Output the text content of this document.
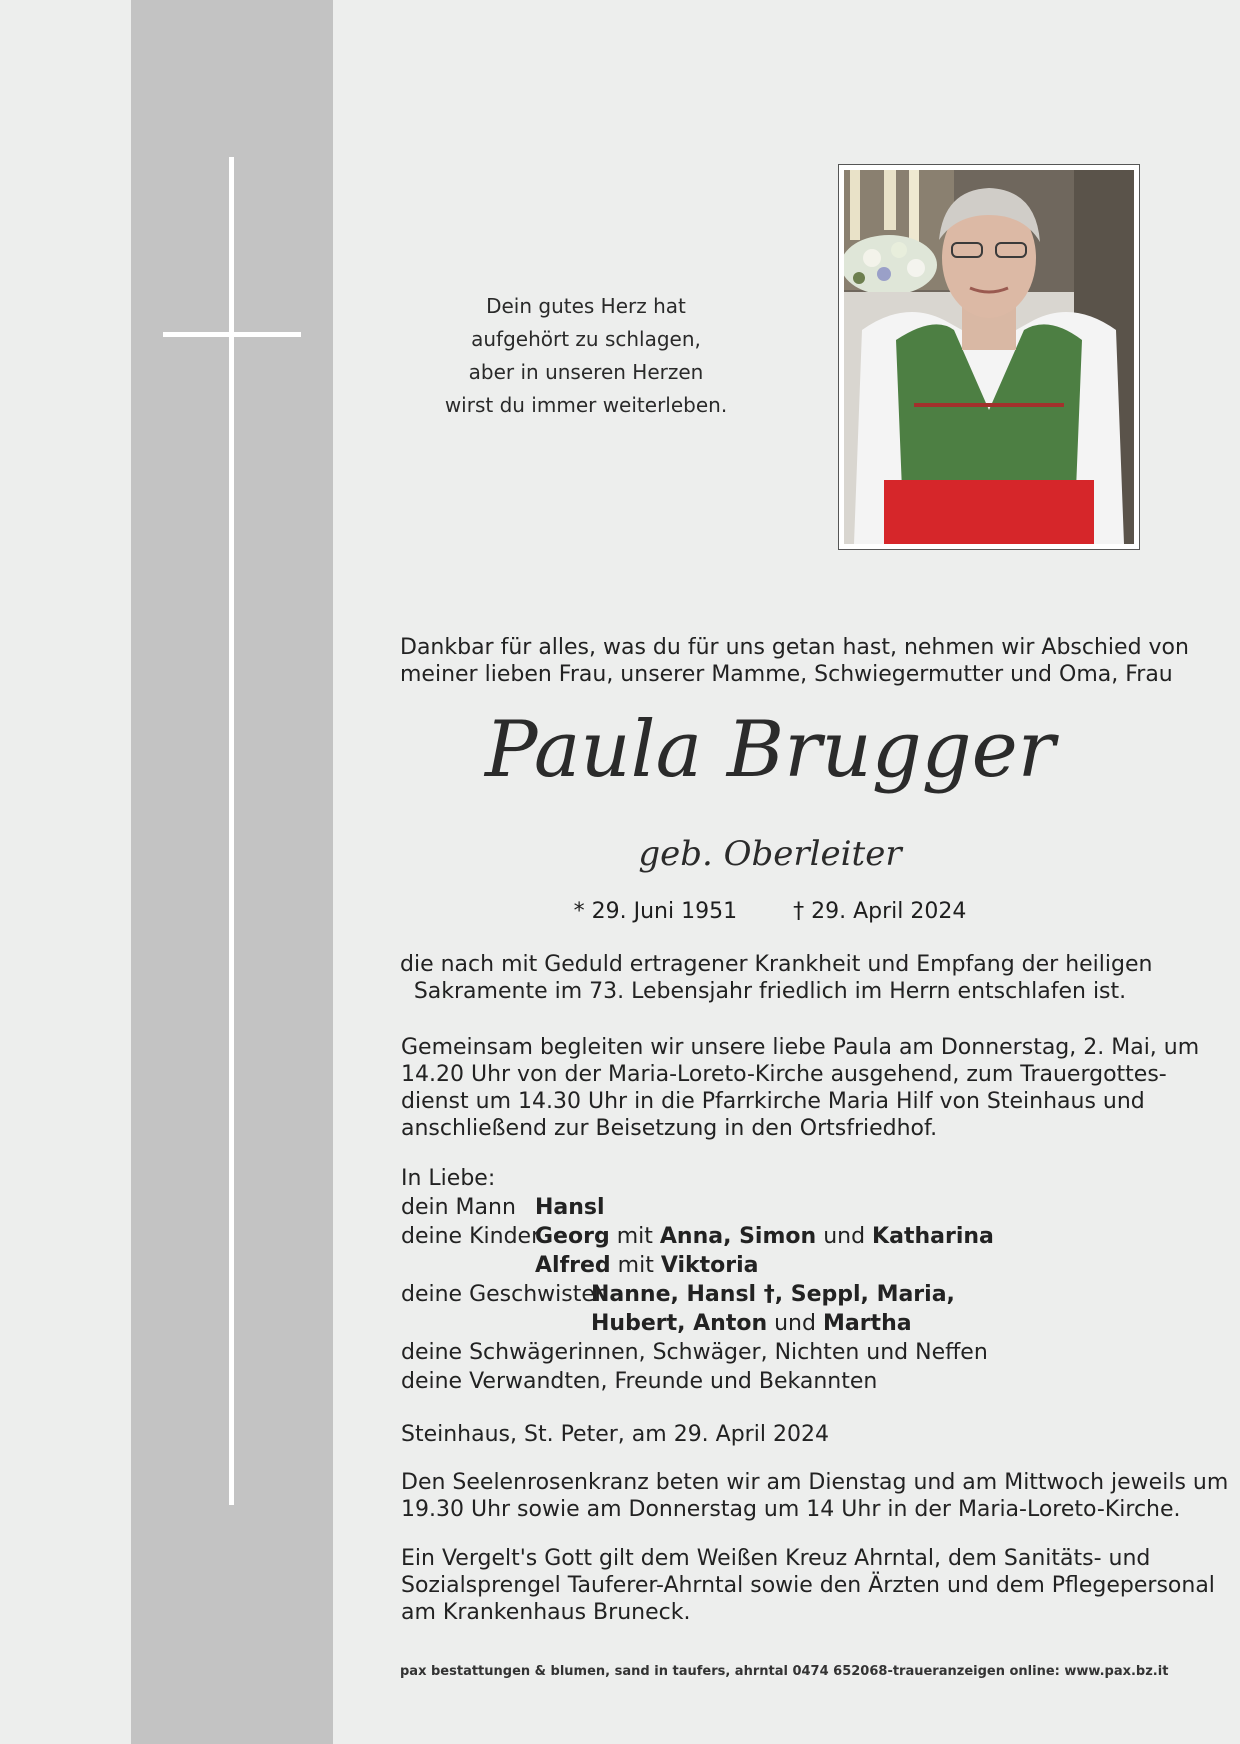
Dein gutes Herz hat
aufgehört zu schlagen,
aber in unseren Herzen
wirst du immer weiterleben.
Dankbar für alles, was du für uns getan hast, nehmen wir Abschied von
meiner lieben Frau, unserer Mamme, Schwiegermutter und Oma, Frau
Paula Brugger
geb. Oberleiter
* 29. Juni 1951	† 29. April 2024
die nach mit Geduld ertragener Krankheit und Empfang der heiligen
Sakramente im 73. Lebensjahr friedlich im Herrn entschlafen ist.
Gemeinsam begleiten wir unsere liebe Paula am Donnerstag, 2. Mai, um
14.20 Uhr von der Maria-Loreto-Kirche ausgehend, zum Trauergottes-
dienst um 14.30 Uhr in die Pfarrkirche Maria Hilf von Steinhaus und
anschließend zur Beisetzung in den Ortsfriedhof.
In Liebe:
dein Mann Hansl
deine KinderGeorg mit Anna, Simon und Katharina
Alfred mit Viktoria
deine GeschwisterNanne, Hansl †, Seppl, Maria,
Hubert, Anton und Martha
deine Schwägerinnen, Schwäger, Nichten und Neffen
deine Verwandten, Freunde und Bekannten
Steinhaus, St. Peter, am 29. April 2024
Den Seelenrosenkranz beten wir am Dienstag und am Mittwoch jeweils um
19.30 Uhr sowie am Donnerstag um 14 Uhr in der Maria-Loreto-Kirche.
Ein Vergelt's Gott gilt dem Weißen Kreuz Ahrntal, dem Sanitäts- und
Sozialsprengel Tauferer-Ahrntal sowie den Ärzten und dem Pflegepersonal
am Krankenhaus Bruneck.
pax bestattungen & blumen, sand in taufers, ahrntal 0474 652068-traueranzeigen online: www.pax.bz.it
